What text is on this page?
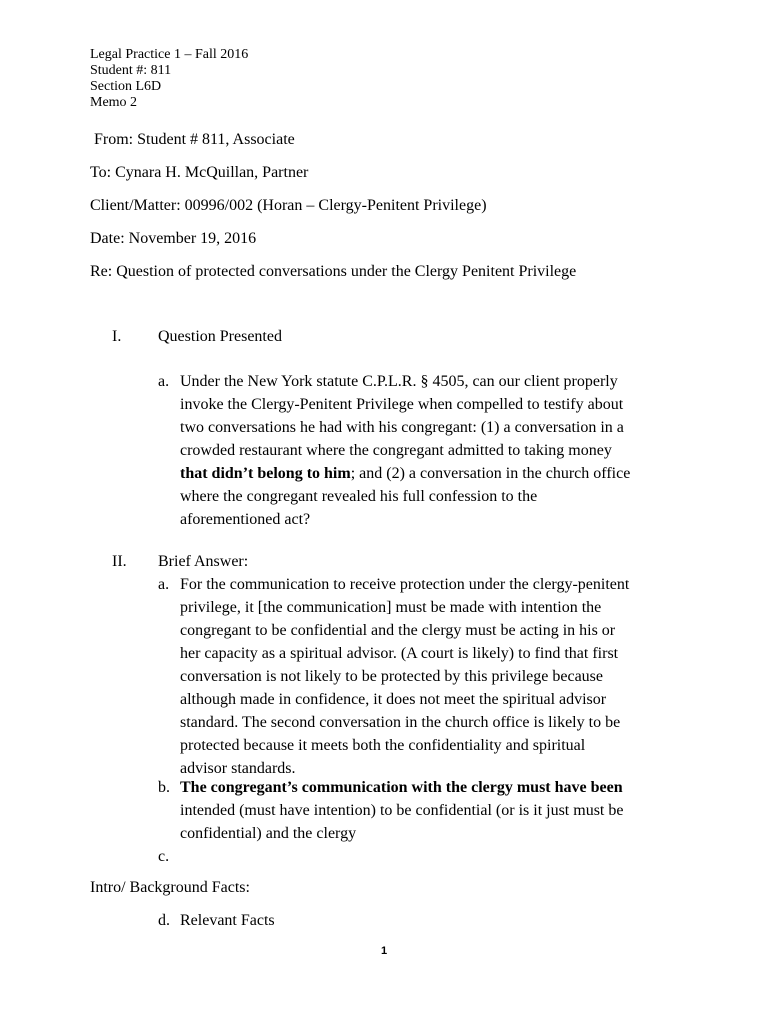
Legal Practice 1 – Fall 2016
Student #: 811
Section L6D
Memo 2
From: Student # 811, Associate
To: Cynara H. McQuillan, Partner
Client/Matter: 00996/002 (Horan – Clergy-Penitent Privilege)
Date: November 19, 2016
Re: Question of protected conversations under the Clergy Penitent Privilege
I.	Question Presented
a. Under the New York statute C.P.L.R. § 4505, can our client properly
invoke the Clergy-Penitent Privilege when compelled to testify about
two conversations he had with his congregant: (1) a conversation in a
crowded restaurant where the congregant admitted to taking money
that didn’t belong to him; and (2) a conversation in the church office
where the congregant revealed his full confession to the
aforementioned act?
II.	Brief Answer:
a. For the communication to receive protection under the clergy-penitent
privilege, it [the communication] must be made with intention the
congregant to be confidential and the clergy must be acting in his or
her capacity as a spiritual advisor. (A court is likely) to find that first
conversation is not likely to be protected by this privilege because
although made in confidence, it does not meet the spiritual advisor
standard. The second conversation in the church office is likely to be
protected because it meets both the confidentiality and spiritual
advisor standards.
b. The congregant’s communication with the clergy must have been
intended (must have intention) to be confidential (or is it just must be
confidential) and the clergy
c.
Intro/ Background Facts:
d. Relevant Facts
1
